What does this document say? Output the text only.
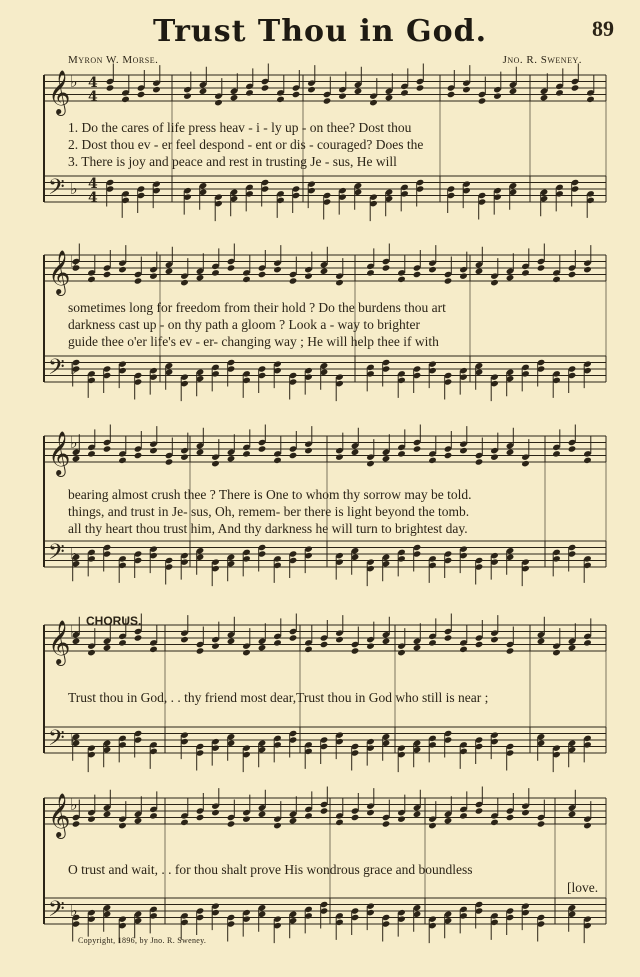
Trust Thou in God.	89
Myron W. Morse.	Jno. R. Sweney.
𝄞 ♭
𝄢 ♭
𝄞 ♭
𝄢 ♭
𝄞 ♭
𝄢 ♭
𝄞 ♭
𝄢 ♭
𝄞 ♭
𝄢 ♭
4
4
4
4
1. Do the cares of life press heav - i - ly up - on thee? Dost thou
2. Dost thou ev - er feel despond - ent or dis - couraged? Does the
3. There is joy and peace and rest in trusting Je - sus, He will
sometimes long for freedom from their hold ? Do the burdens thou art
darkness cast up - on thy path a gloom ? Look a - way to brighter
guide thee o'er life's ev - er- changing way ; He will help thee if with
bearing almost crush thee ? There is One to whom thy sorrow may be told.
things, and trust in Je- sus, Oh, remem- ber there is light beyond the tomb.
all thy heart thou trust him, And thy darkness he will turn to brightest day.
CHORUS.
Trust thou in God, . . thy friend most dear,Trust thou in God who still is near ;
O trust and wait, . . for thou shalt prove His wondrous grace and boundless
[love.
Copyright, 1896, by Jno. R. Sweney.
